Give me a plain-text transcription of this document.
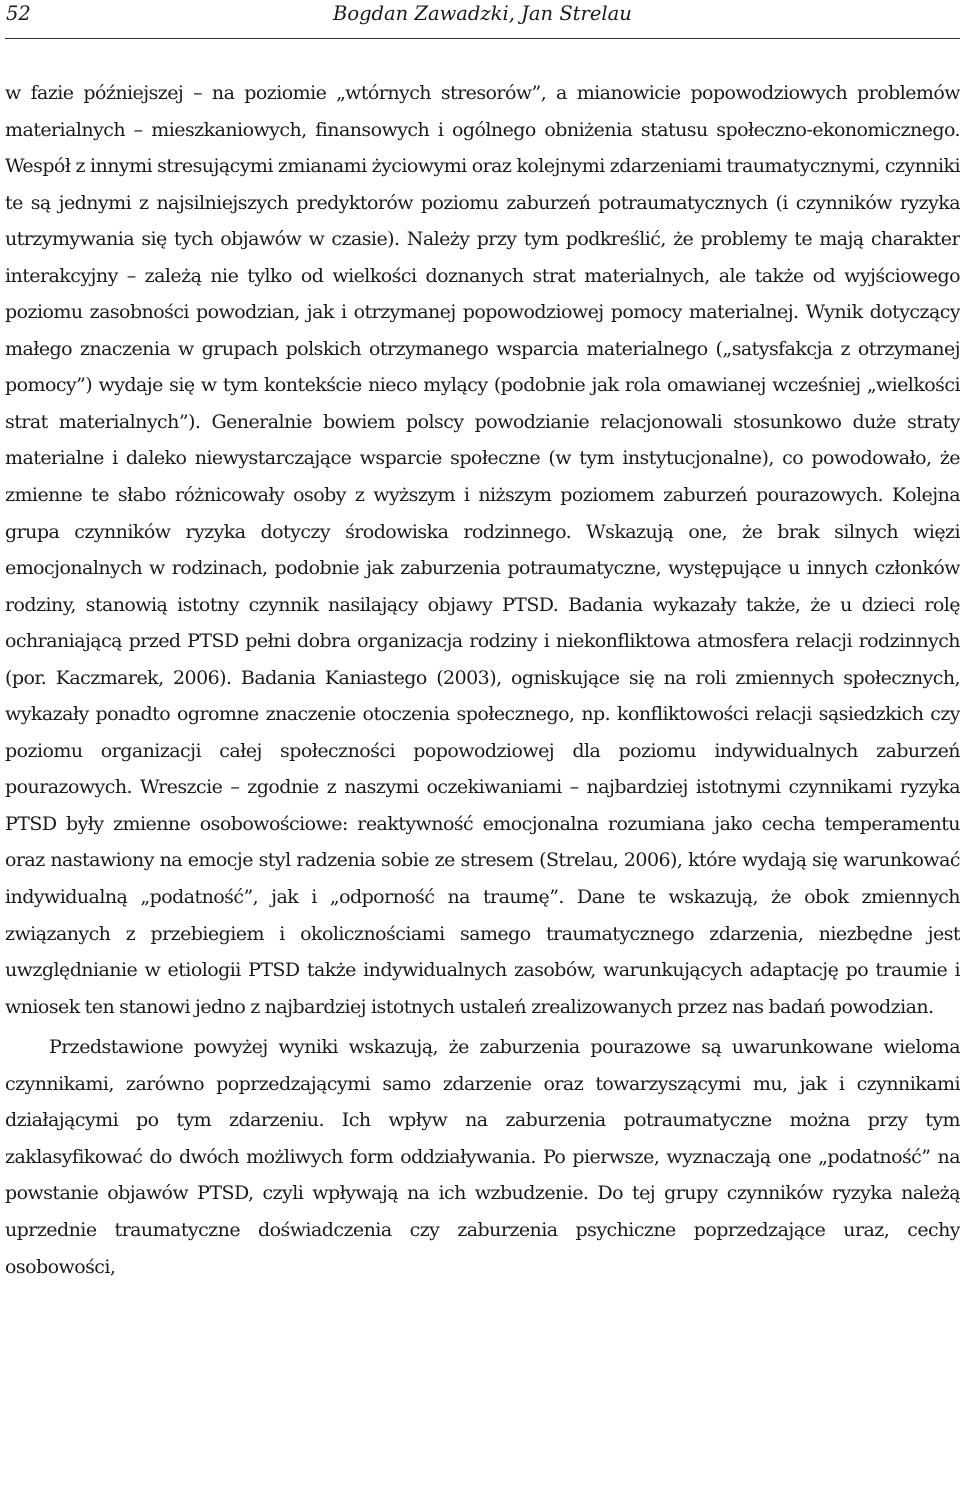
52	Bogdan Zawadzki, Jan Strelau

w fazie późniejszej – na poziomie „wtórnych stresorów”, a mianowicie popowodziowych problemów materialnych – mieszkaniowych, finansowych i ogólnego obniżenia statusu społeczno-ekonomicznego. Wespół z innymi stresującymi zmianami życiowymi oraz kolejnymi zdarzeniami traumatycznymi, czynniki te są jednymi z najsilniejszych predyktorów poziomu zaburzeń potraumatycznych (i czynników ryzyka utrzymywania się tych objawów w czasie). Należy przy tym podkreślić, że problemy te mają charakter interakcyjny – zależą nie tylko od wielkości doznanych strat materialnych, ale także od wyjściowego poziomu zasobności powodzian, jak i otrzymanej popowodziowej pomocy materialnej. Wynik dotyczący małego znaczenia w grupach polskich otrzymanego wsparcia materialnego („satysfakcja z otrzymanej pomocy”) wydaje się w tym kontekście nieco mylący (podobnie jak rola omawianej wcześniej „wielkości strat materialnych”). Generalnie bowiem polscy powodzianie relacjonowali stosunkowo duże straty materialne i daleko niewystarczające wsparcie społeczne (w tym instytucjonalne), co powodowało, że zmienne te słabo różnicowały osoby z wyższym i niższym poziomem zaburzeń pourazowych. Kolejna grupa czynników ryzyka dotyczy środowiska rodzinnego. Wskazują one, że brak silnych więzi emocjonalnych w rodzinach, podobnie jak zaburzenia potraumatyczne, występujące u innych członków rodziny, stanowią istotny czynnik nasilający objawy PTSD. Badania wykazały także, że u dzieci rolę ochraniającą przed PTSD pełni dobra organizacja rodziny i niekonfliktowa atmosfera relacji rodzinnych (por. Kaczmarek, 2006). Badania Kaniastego (2003), ogniskujące się na roli zmiennych społecznych, wykazały ponadto ogromne znaczenie otoczenia społecznego, np. konfliktowości relacji sąsiedzkich czy poziomu organizacji całej społeczności popowodziowej dla poziomu indywidualnych zaburzeń pourazowych. Wreszcie – zgodnie z naszymi oczekiwaniami – najbardziej istotnymi czynnikami ryzyka PTSD były zmienne osobowościowe: reaktywność emocjonalna rozumiana jako cecha temperamentu oraz nastawiony na emocje styl radzenia sobie ze stresem (Strelau, 2006), które wydają się warunkować indywidualną „podatność”, jak i „odporność na traumę”. Dane te wskazują, że obok zmiennych związanych z przebiegiem i okolicznościami samego traumatycznego zdarzenia, niezbędne jest uwzględnianie w etiologii PTSD także indywidualnych zasobów, warunkujących adaptację po traumie i wniosek ten stanowi jedno z najbardziej istotnych ustaleń zrealizowanych przez nas badań powodzian.

Przedstawione powyżej wyniki wskazują, że zaburzenia pourazowe są uwarunkowane wieloma czynnikami, zarówno poprzedzającymi samo zdarzenie oraz towarzyszącymi mu, jak i czynnikami działającymi po tym zdarzeniu. Ich wpływ na zaburzenia potraumatyczne można przy tym zaklasyfikować do dwóch możliwych form oddziaływania. Po pierwsze, wyznaczają one „podatność” na powstanie objawów PTSD, czyli wpływają na ich wzbudzenie. Do tej grupy czynników ryzyka należą uprzednie traumatyczne doświadczenia czy zaburzenia psychiczne poprzedzające uraz, cechy osobowości,
